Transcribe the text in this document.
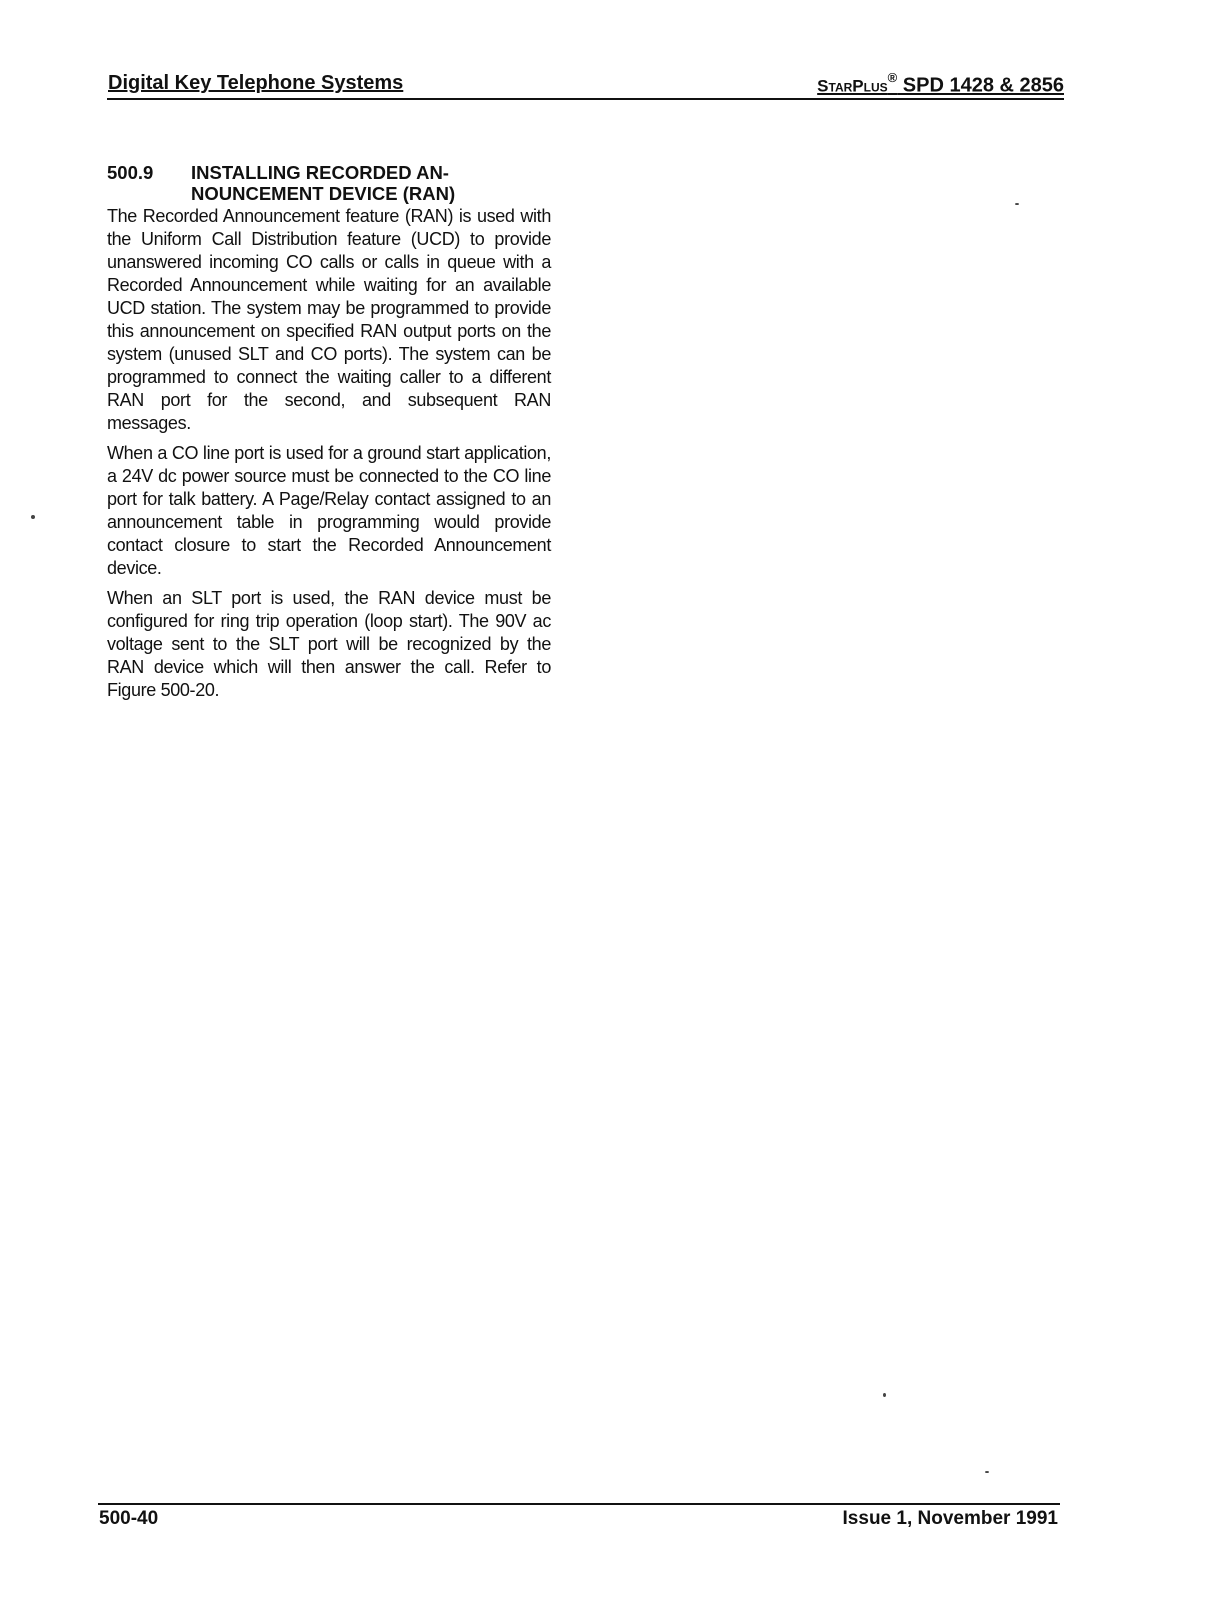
Digital Key Telephone Systems	StarPlus® SPD 1428 & 2856
500.9	INSTALLING RECORDED AN-
NOUNCEMENT DEVICE (RAN)

The Recorded Announcement feature (RAN) is used with the Uniform Call Distribution feature (UCD) to provide unanswered incoming CO calls or calls in queue with a Recorded Announcement while waiting for an available UCD station. The system may be programmed to provide this announcement on specified RAN output ports on the system (unused SLT and CO ports). The system can be programmed to connect the waiting caller to a different RAN port for the second, and subsequent RAN messages.

When a CO line port is used for a ground start application, a 24V dc power source must be connected to the CO line port for talk battery. A Page/Relay contact assigned to an announcement table in programming would provide contact closure to start the Recorded Announcement device.

When an SLT port is used, the RAN device must be configured for ring trip operation (loop start). The 90V ac voltage sent to the SLT port will be recognized by the RAN device which will then answer the call. Refer to Figure 500-20.

500-40	Issue 1, November 1991
